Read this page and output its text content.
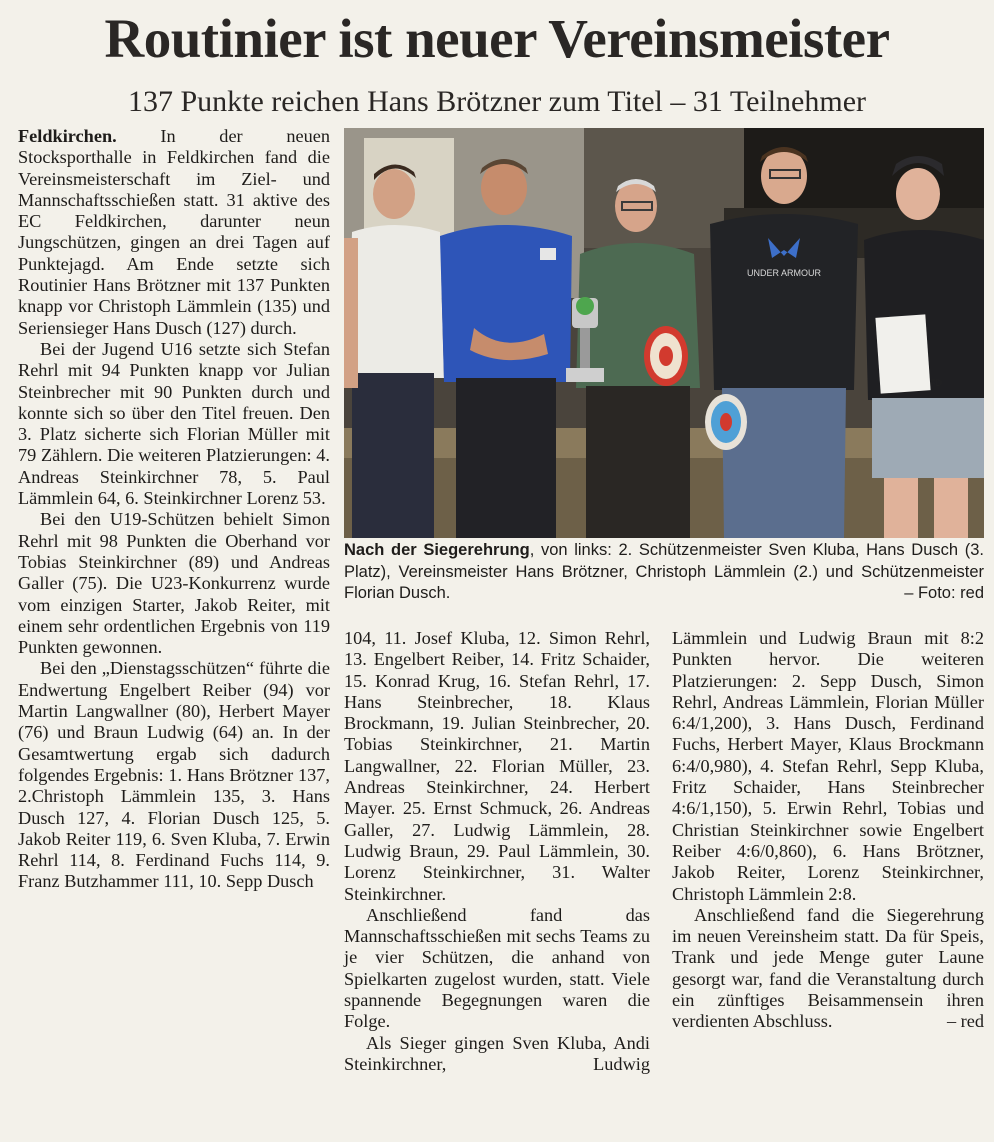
Routinier ist neuer Vereinsmeister
137 Punkte reichen Hans Brötzner zum Titel – 31 Teilnehmer

Feldkirchen. In der neuen Stocksporthalle in Feldkirchen fand die Vereinsmeisterschaft im Ziel- und Mannschaftsschießen statt. 31 aktive des EC Feldkirchen, darunter neun Jungschützen, gingen an drei Tagen auf Punktejagd. Am Ende setzte sich Routinier Hans Brötzner mit 137 Punkten knapp vor Christoph Lämmlein (135) und Seriensieger Hans Dusch (127) durch.

Bei der Jugend U16 setzte sich Stefan Rehrl mit 94 Punkten knapp vor Julian Steinbrecher mit 90 Punkten durch und konnte sich so über den Titel freuen. Den 3. Platz sicherte sich Florian Müller mit 79 Zählern. Die weiteren Platzierungen: 4. Andreas Steinkirchner 78, 5. Paul Lämmlein 64, 6. Steinkirchner Lorenz 53.

Bei den U19-Schützen behielt Simon Rehrl mit 98 Punkten die Oberhand vor Tobias Steinkirchner (89) und Andreas Galler (75). Die U23-Konkurrenz wurde vom einzigen Starter, Jakob Reiter, mit einem sehr ordentlichen Ergebnis von 119 Punkten gewonnen.

Bei den „Dienstagsschützen“ führte die Endwertung Engelbert Reiber (94) vor Martin Langwallner (80), Herbert Mayer (76) und Braun Ludwig (64) an. In der Gesamtwertung ergab sich dadurch folgendes Ergebnis: 1. Hans Brötzner 137, 2.Christoph Lämmlein 135, 3. Hans Dusch 127, 4. Florian Dusch 125, 5. Jakob Reiter 119, 6. Sven Kluba, 7. Erwin Rehrl 114, 8. Ferdinand Fuchs 114, 9. Franz Butzhammer 111, 10. Sepp Dusch

UNDER ARMOUR
FD
Nach der Siegerehrung, von links: 2. Schützenmeister Sven Kluba, Hans Dusch (3. Platz), Vereinsmeister Hans Brötzner, Christoph Lämmlein (2.) und Schützenmeister Florian Dusch.	– Foto: red

104, 11. Josef Kluba, 12. Simon Rehrl, 13. Engelbert Reiber, 14. Fritz Schaider, 15. Konrad Krug, 16. Stefan Rehrl, 17. Hans Steinbrecher, 18. Klaus Brockmann, 19. Julian Steinbrecher, 20. Tobias Steinkirchner, 21. Martin Langwallner, 22. Florian Müller, 23. Andreas Steinkirchner, 24. Herbert Mayer. 25. Ernst Schmuck, 26. Andreas Galler, 27. Ludwig Lämmlein, 28. Ludwig Braun, 29. Paul Lämmlein, 30. Lorenz Steinkirchner, 31. Walter Steinkirchner.

Anschließend fand das Mannschaftsschießen mit sechs Teams zu je vier Schützen, die anhand von Spielkarten zugelost wurden, statt. Viele spannende Begegnungen waren die Folge.

Als Sieger gingen Sven Kluba, Andi Steinkirchner, Ludwig

Lämmlein und Ludwig Braun mit 8:2 Punkten hervor. Die weiteren Platzierungen: 2. Sepp Dusch, Simon Rehrl, Andreas Lämmlein, Florian Müller 6:4/1,200), 3. Hans Dusch, Ferdinand Fuchs, Herbert Mayer, Klaus Brockmann 6:4/0,980), 4. Stefan Rehrl, Sepp Kluba, Fritz Schaider, Hans Steinbrecher 4:6/1,150), 5. Erwin Rehrl, Tobias und Christian Steinkirchner sowie Engelbert Reiber 4:6/0,860), 6. Hans Brötzner, Jakob Reiter, Lorenz Steinkirchner, Christoph Lämmlein 2:8.

Anschließend fand die Siegerehrung im neuen Vereinsheim statt. Da für Speis, Trank und jede Menge guter Laune gesorgt war, fand die Veranstaltung durch ein zünftiges Beisammensein ihren verdienten Abschluss.	– red
